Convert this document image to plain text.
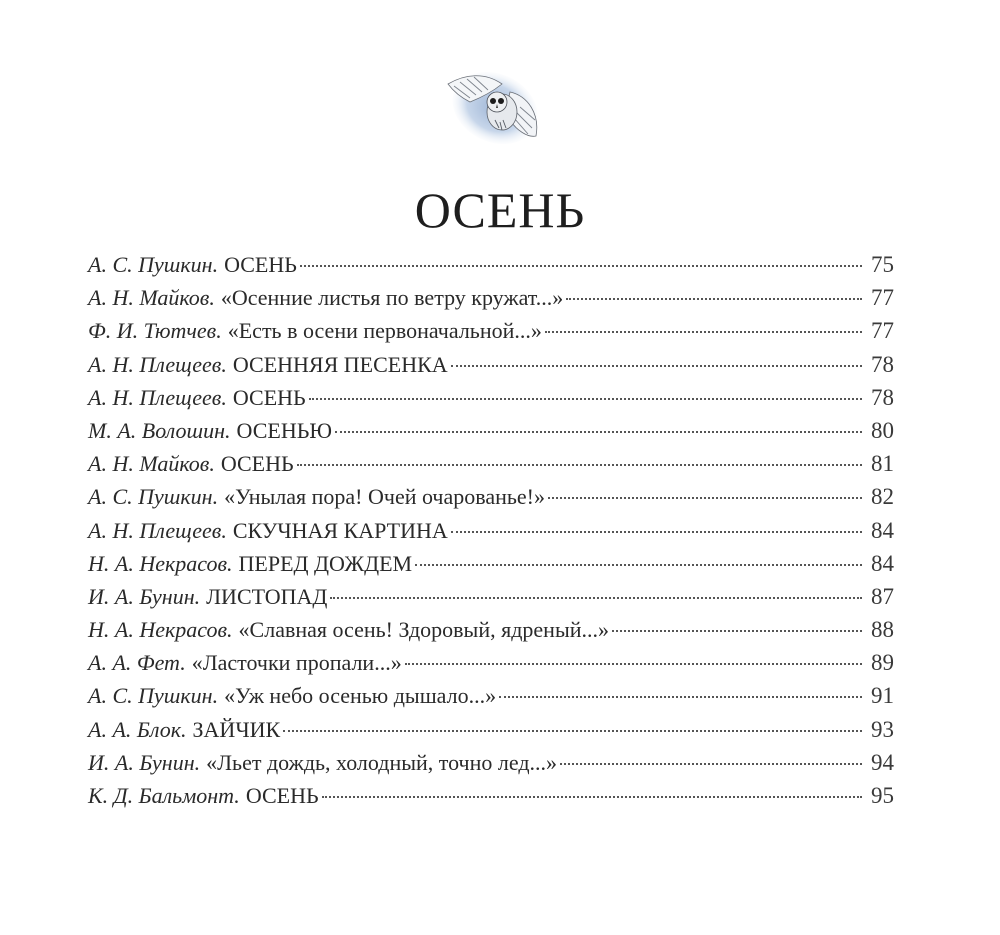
ОСЕНЬ
А. С. Пушкин. ОСЕНЬ	75
А. Н. Майков. «Осенние листья по ветру кружат...»	77
Ф. И. Тютчев. «Есть в осени первоначальной...»	77
А. Н. Плещеев. ОСЕННЯЯ ПЕСЕНКА	78
А. Н. Плещеев. ОСЕНЬ	78
М. А. Волошин. ОСЕНЬЮ	80
А. Н. Майков. ОСЕНЬ	81
А. С. Пушкин. «Унылая пора! Очей очарованье!»	82
А. Н. Плещеев. СКУЧНАЯ КАРТИНА	84
Н. А. Некрасов. ПЕРЕД ДОЖДЕМ	84
И. А. Бунин. ЛИСТОПАД	87
Н. А. Некрасов. «Славная осень! Здоровый, ядреный...»	88
А. А. Фет. «Ласточки пропали...»	89
А. С. Пушкин. «Уж небо осенью дышало...»	91
А. А. Блок. ЗАЙЧИК	93
И. А. Бунин. «Льет дождь, холодный, точно лед...»	94
К. Д. Бальмонт. ОСЕНЬ	95
